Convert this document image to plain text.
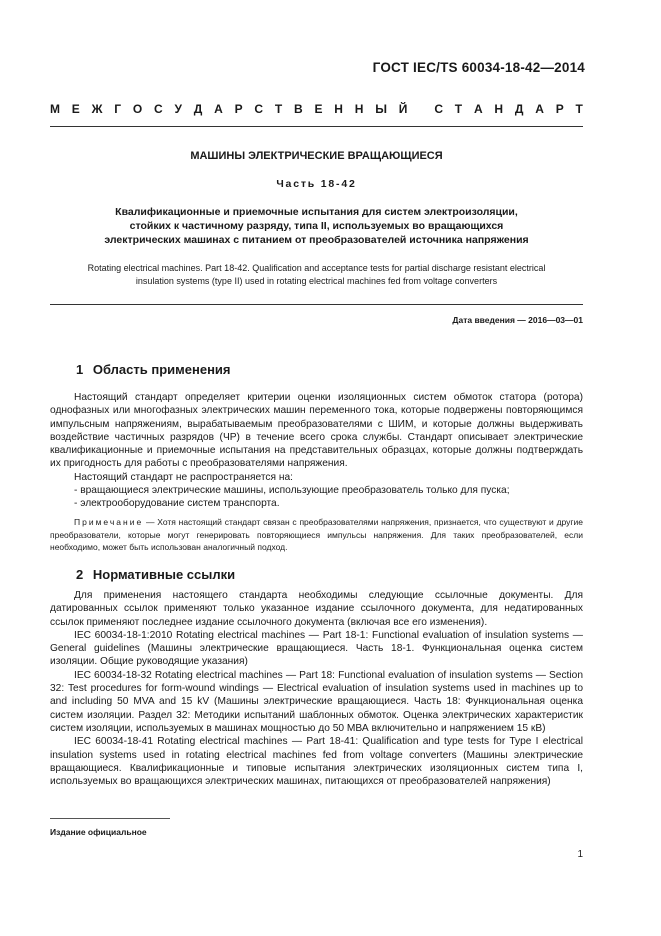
ГОСТ IEC/TS 60034-18-42—2014
М Е Ж Г О С У Д А Р С Т В Е Н Н Ы Й
С Т А Н Д А Р Т
МАШИНЫ ЭЛЕКТРИЧЕСКИЕ ВРАЩАЮЩИЕСЯ
Часть 18-42
Квалификационные и приемочные испытания для систем электроизоляции,
стойких к частичному разряду, типа II, используемых во вращающихся
электрических машинах с питанием от преобразователей источника напряжения
Rotating electrical machines. Part 18-42. Qualification and acceptance tests for partial discharge resistant electrical
insulation systems (type II) used in rotating electrical machines fed from voltage converters
Дата введения — 2016—03—01
1 Область применения

Настоящий стандарт определяет критерии оценки изоляционных систем обмоток статора (ротора) однофазных или многофазных электрических машин переменного тока, которые подвержены повторяющимся импульсным напряжениям, вырабатываемым преобразователями с ШИМ, и которые должны выдерживать воздействие частичных разрядов (ЧР) в течение всего срока службы. Стандарт описывает электрические квалификационные и приемочные испытания на представительных образцах, которые должны подтверждать их пригодность для работы с преобразователями напряжения.

Настоящий стандарт не распространяется на:

- вращающиеся электрические машины, использующие преобразователь только для пуска;

- электрооборудование систем транспорта.

Примечание — Хотя настоящий стандарт связан с преобразователями напряжения, признается, что существуют и другие преобразователи, которые могут генерировать повторяющиеся импульсы напряжения. Для таких преобразователей, если необходимо, может быть использован аналогичный подход.
2 Нормативные ссылки

Для применения настоящего стандарта необходимы следующие ссылочные документы. Для датированных ссылок применяют только указанное издание ссылочного документа, для недатированных ссылок применяют последнее издание ссылочного документа (включая все его изменения).

IEC 60034-18-1:2010 Rotating electrical machines — Part 18-1: Functional evaluation of insulation systems — General guidelines (Машины электрические вращающиеся. Часть 18-1. Функциональная оценка систем изоляции. Общие руководящие указания)

IEC 60034-18-32 Rotating electrical machines — Part 18: Functional evaluation of insulation systems — Section 32: Test procedures for form-wound windings — Electrical evaluation of insulation systems used in machines up to and including 50 MVA and 15 kV (Машины электрические вращающиеся. Часть 18: Функциональная оценка систем изоляции. Раздел 32: Методики испытаний шаблонных обмоток. Оценка электрических характеристик систем изоляции, используемых в машинах мощностью до 50 МВА включительно и напряжением 15 кВ)

IEC 60034-18-41 Rotating electrical machines — Part 18-41: Qualification and type tests for Type I electrical insulation systems used in rotating electrical machines fed from voltage converters (Машины электрические вращающиеся. Квалификационные и типовые испытания электрических изоляционных систем типа I, используемых во вращающихся электрических машинах, питающихся от преобразователей напряжения)

Издание официальное
1
